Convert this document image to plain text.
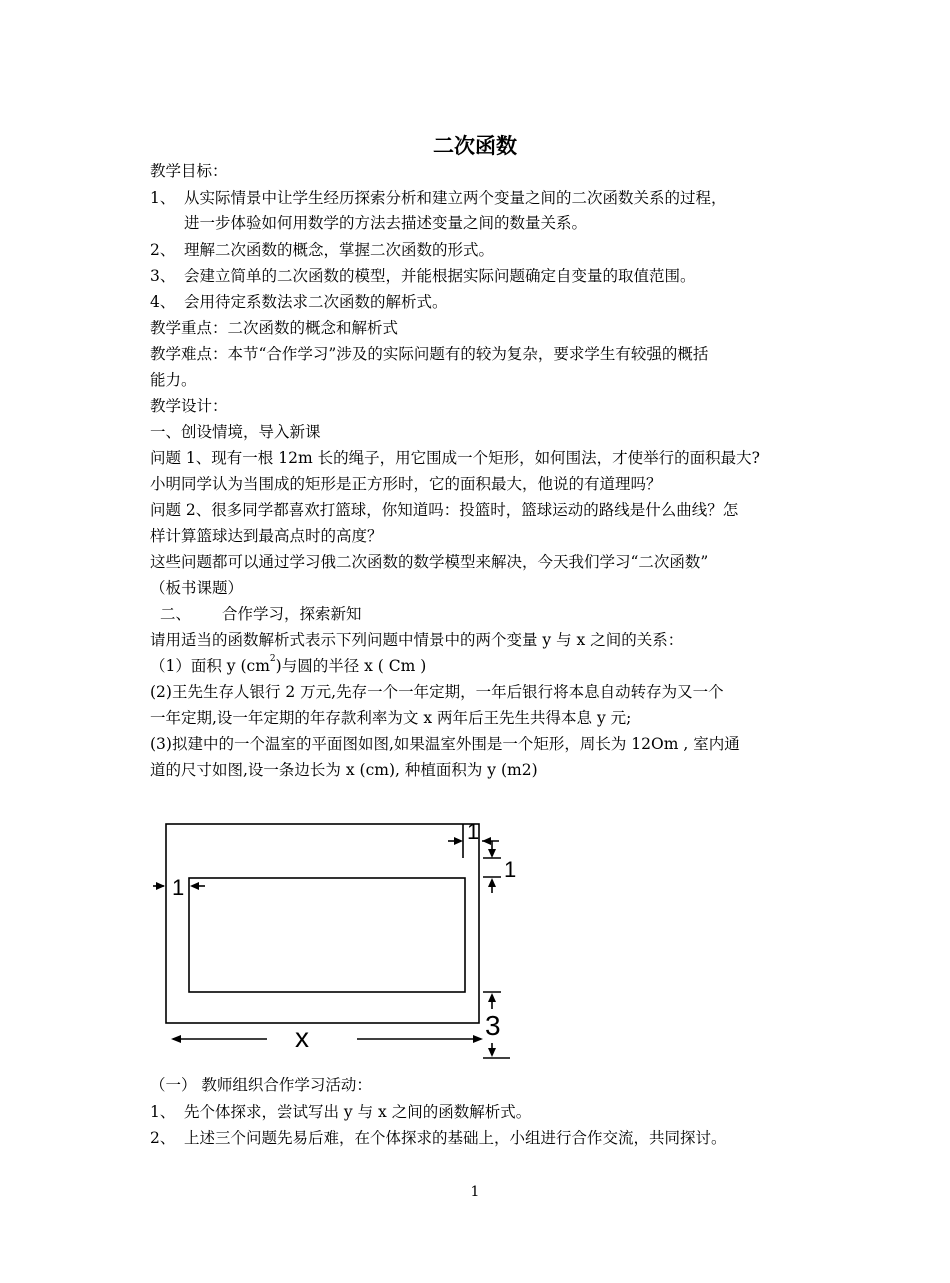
二次函数
教学目标：
1、 从实际情景中让学生经历探索分析和建立两个变量之间的二次函数关系的过程，
进一步体验如何用数学的方法去描述变量之间的数量关系。
2、 理解二次函数的概念，掌握二次函数的形式。
3、 会建立简单的二次函数的模型，并能根据实际问题确定自变量的取值范围。
4、 会用待定系数法求二次函数的解析式。
教学重点：二次函数的概念和解析式
教学难点：本节“合作学习”涉及的实际问题有的较为复杂，要求学生有较强的概括
能力。
教学设计：
一、创设情境，导入新课
问题 1、现有一根 12m 长的绳子，用它围成一个矩形，如何围法，才使举行的面积最大?
小明同学认为当围成的矩形是正方形时，它的面积最大，他说的有道理吗？
问题 2、很多同学都喜欢打篮球，你知道吗：投篮时，篮球运动的路线是什么曲线？怎
样计算篮球达到最高点时的高度？
这些问题都可以通过学习俄二次函数的数学模型来解决，今天我们学习“二次函数”
（板书课题）
二、 合作学习，探索新知
请用适当的函数解析式表示下列问题中情景中的两个变量 y 与 x 之间的关系：
（1）面积 y $(cm^2)$与圆的半径 x ( Cm )
(2)王先生存人银行 2 万元,先存一个一年定期，一年后银行将本息自动转存为又一个
一年定期,设一年定期的年存款利率为文 x 两年后王先生共得本息 y 元;
(3)拟建中的一个温室的平面图如图,如果温室外围是一个矩形，周长为 12Om , 室内通
道的尺寸如图,设一条边长为 x (cm), 种植面积为 y (m2)
1
1
1
3
x
（一） 教师组织合作学习活动：
1、 先个体探求，尝试写出 y 与 x 之间的函数解析式。
2、 上述三个问题先易后难，在个体探求的基础上，小组进行合作交流，共同探讨。
1
